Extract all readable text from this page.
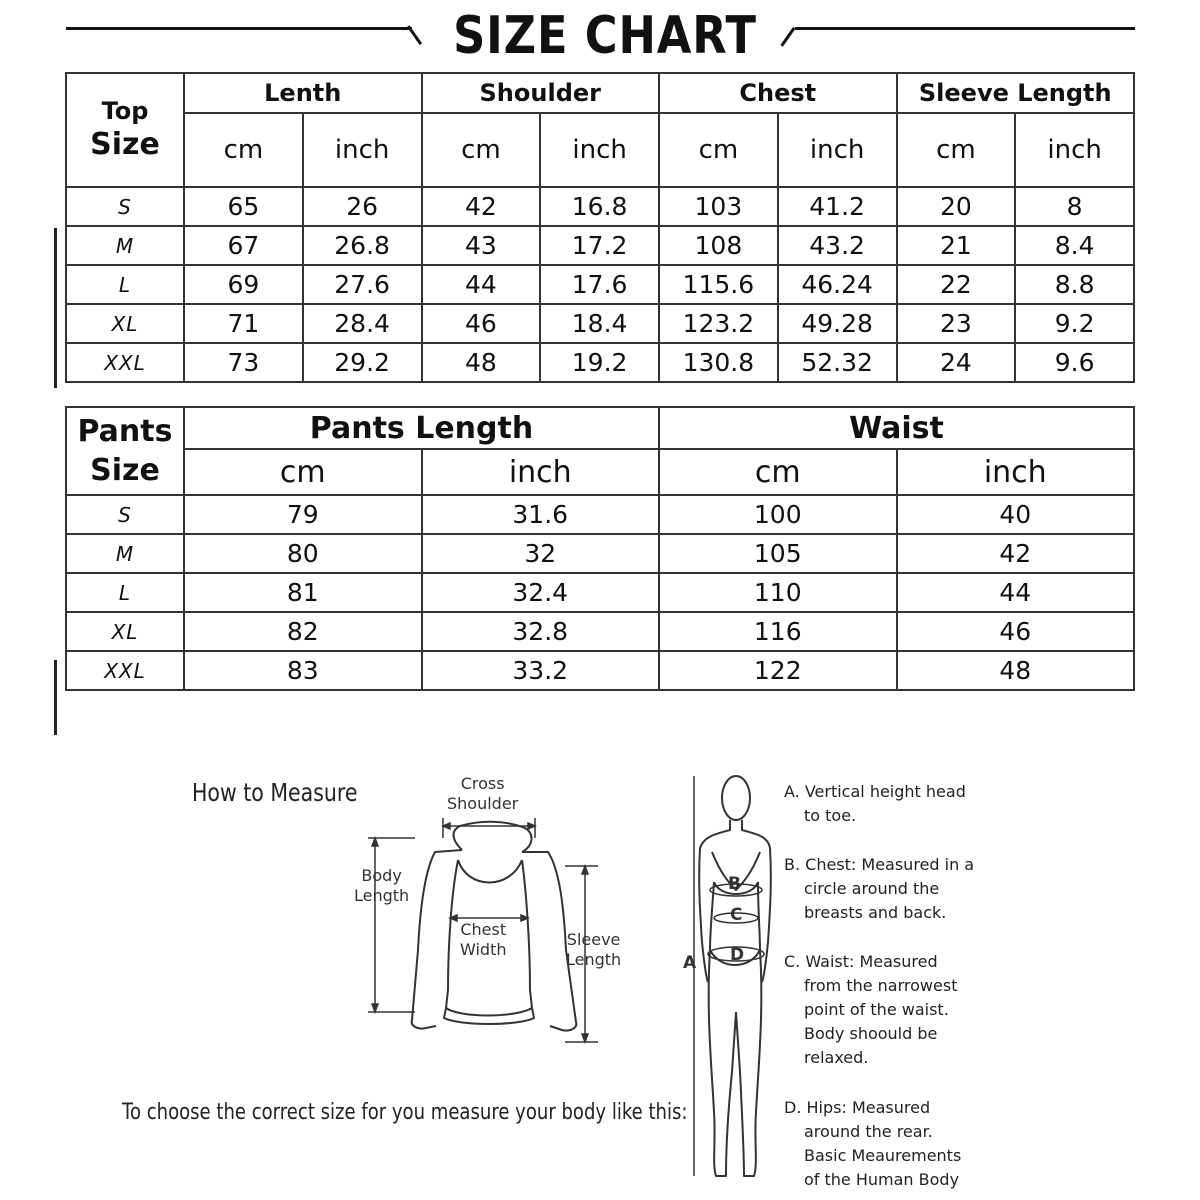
SIZE CHART
Top
Size	Lenth		Shoulder		Chest		Sleeve Length	
	cm	inch	cm	inch	cm	inch	cm	inch
S	65	26	42	16.8	103	41.2	20	8
M	67	26.8	43	17.2	108	43.2	21	8.4
L	69	27.6	44	17.6	115.6	46.24	22	8.8
XL	71	28.4	46	18.4	123.2	49.28	23	9.2
XXL	73	29.2	48	19.2	130.8	52.32	24	9.6
Pants
Size	Pants Length		Waist	
	cm	inch	cm	inch
S	79	31.6	100	40
M	80	32	105	42
L	81	32.4	110	44
XL	82	32.8	116	46
XXL	83	33.2	122	48
How to Measure	Cross
Shoulder
Body
Length
Chest
Width
Sleeve
Length
To choose the correct size for you measure your body like this:
B
C
D
A
A. Vertical height head
to toe.
B. Chest: Measured in a
circle around the
breasts and back.
C. Waist: Measured
from the narrowest
point of the waist.
Body shoould be
relaxed.
D. Hips: Measured
around the rear.
Basic Meaurements
of the Human Body
